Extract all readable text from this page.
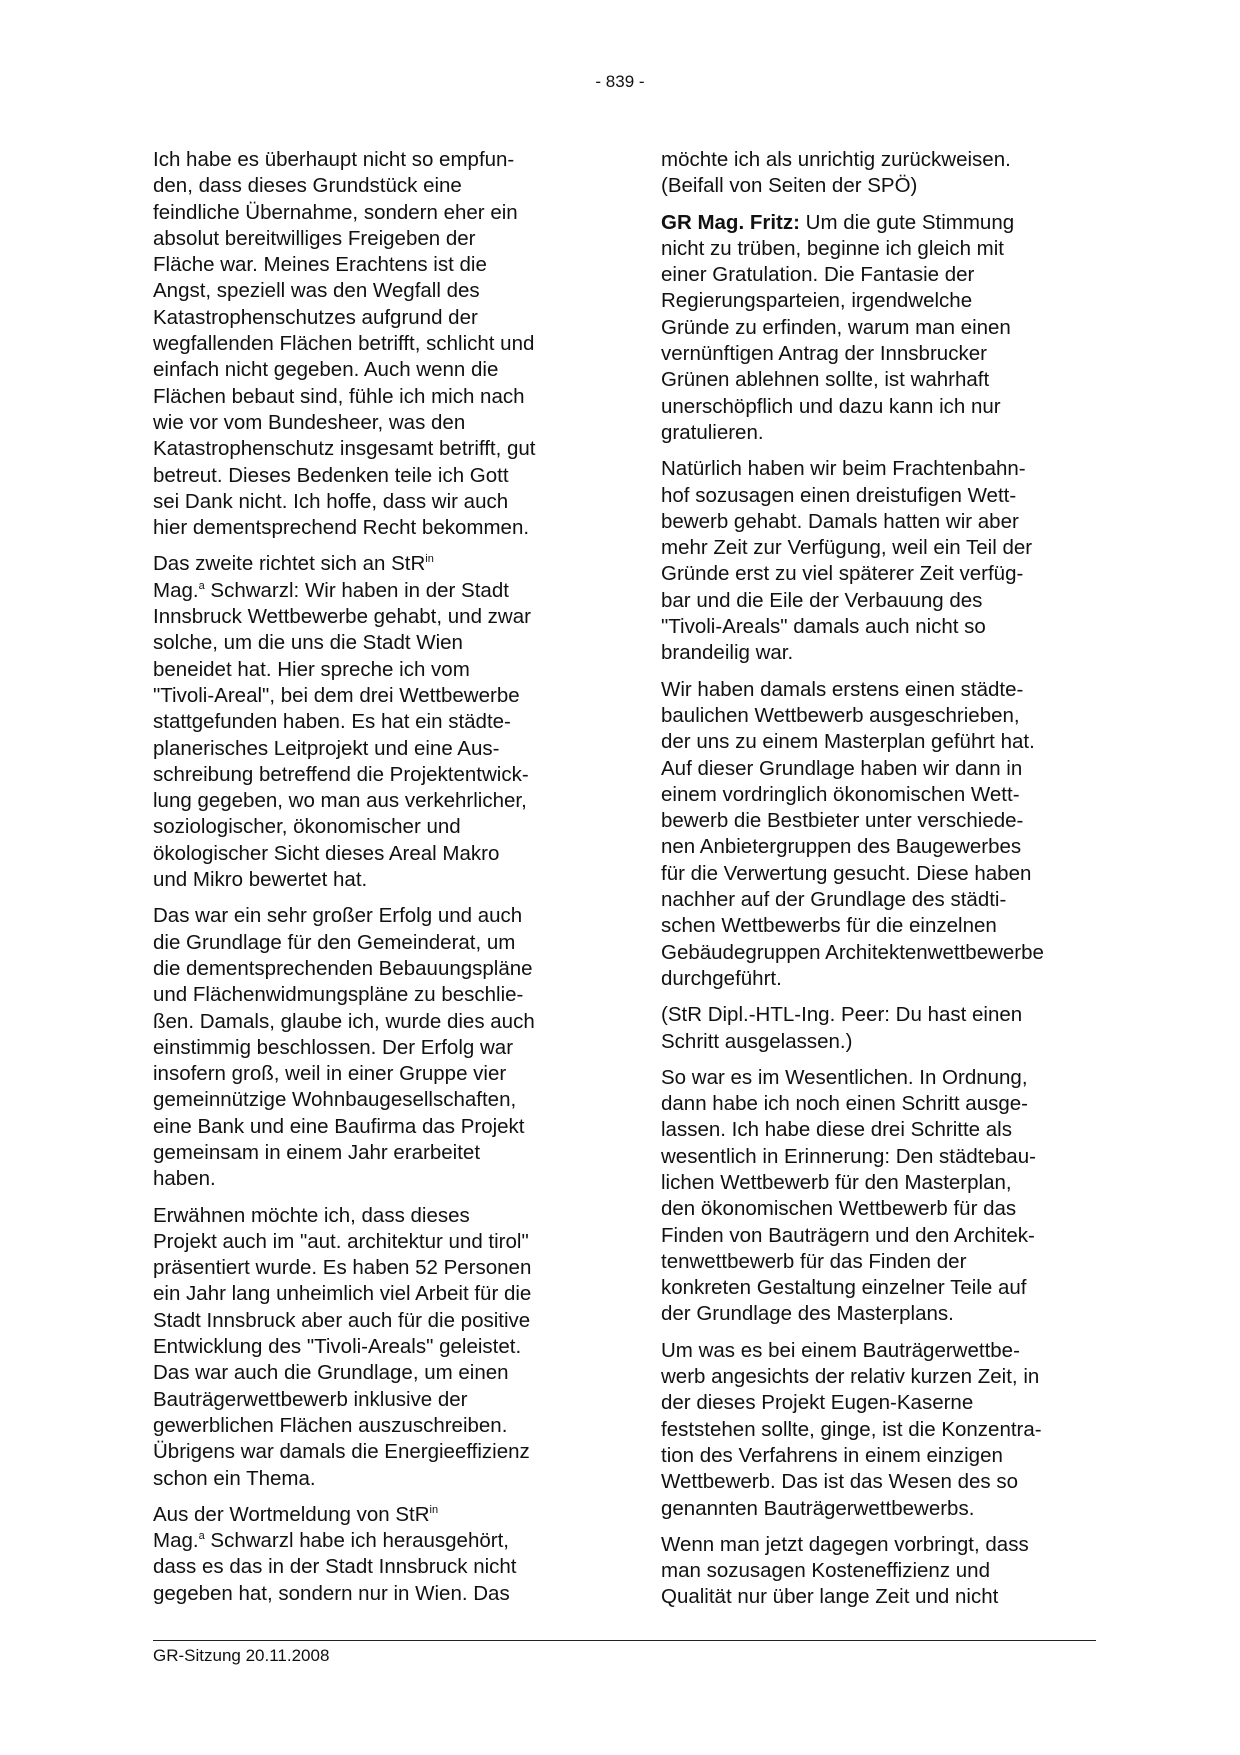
- 839 -

Ich habe es überhaupt nicht so empfun-
den, dass dieses Grundstück eine
feindliche Übernahme, sondern eher ein
absolut bereitwilliges Freigeben der
Fläche war. Meines Erachtens ist die
Angst, speziell was den Wegfall des
Katastrophenschutzes aufgrund der
wegfallenden Flächen betrifft, schlicht und
einfach nicht gegeben. Auch wenn die
Flächen bebaut sind, fühle ich mich nach
wie vor vom Bundesheer, was den
Katastrophenschutz insgesamt betrifft, gut
betreut. Dieses Bedenken teile ich Gott
sei Dank nicht. Ich hoffe, dass wir auch
hier dementsprechend Recht bekommen.

Das zweite richtet sich an StR$^{in}$
Mag.$^a$ Schwarzl: Wir haben in der Stadt
Innsbruck Wettbewerbe gehabt, und zwar
solche, um die uns die Stadt Wien
beneidet hat. Hier spreche ich vom
"Tivoli-Areal", bei dem drei Wettbewerbe
stattgefunden haben. Es hat ein städte-
planerisches Leitprojekt und eine Aus-
schreibung betreffend die Projektentwick-
lung gegeben, wo man aus verkehrlicher,
soziologischer, ökonomischer und
ökologischer Sicht dieses Areal Makro
und Mikro bewertet hat.

Das war ein sehr großer Erfolg und auch
die Grundlage für den Gemeinderat, um
die dementsprechenden Bebauungspläne
und Flächenwidmungspläne zu beschlie-
ßen. Damals, glaube ich, wurde dies auch
einstimmig beschlossen. Der Erfolg war
insofern groß, weil in einer Gruppe vier
gemeinnützige Wohnbaugesellschaften,
eine Bank und eine Baufirma das Projekt
gemeinsam in einem Jahr erarbeitet
haben.

Erwähnen möchte ich, dass dieses
Projekt auch im "aut. architektur und tirol"
präsentiert wurde. Es haben 52 Personen
ein Jahr lang unheimlich viel Arbeit für die
Stadt Innsbruck aber auch für die positive
Entwicklung des "Tivoli-Areals" geleistet.
Das war auch die Grundlage, um einen
Bauträgerwettbewerb inklusive der
gewerblichen Flächen auszuschreiben.
Übrigens war damals die Energieeffizienz
schon ein Thema.

Aus der Wortmeldung von StR$^{in}$
Mag.$^a$ Schwarzl habe ich herausgehört,
dass es das in der Stadt Innsbruck nicht
gegeben hat, sondern nur in Wien. Das

möchte ich als unrichtig zurückweisen.
(Beifall von Seiten der SPÖ)

GR Mag. Fritz: Um die gute Stimmung
nicht zu trüben, beginne ich gleich mit
einer Gratulation. Die Fantasie der
Regierungsparteien, irgendwelche
Gründe zu erfinden, warum man einen
vernünftigen Antrag der Innsbrucker
Grünen ablehnen sollte, ist wahrhaft
unerschöpflich und dazu kann ich nur
gratulieren.

Natürlich haben wir beim Frachtenbahn-
hof sozusagen einen dreistufigen Wett-
bewerb gehabt. Damals hatten wir aber
mehr Zeit zur Verfügung, weil ein Teil der
Gründe erst zu viel späterer Zeit verfüg-
bar und die Eile der Verbauung des
"Tivoli-Areals" damals auch nicht so
brandeilig war.

Wir haben damals erstens einen städte-
baulichen Wettbewerb ausgeschrieben,
der uns zu einem Masterplan geführt hat.
Auf dieser Grundlage haben wir dann in
einem vordringlich ökonomischen Wett-
bewerb die Bestbieter unter verschiede-
nen Anbietergruppen des Baugewerbes
für die Verwertung gesucht. Diese haben
nachher auf der Grundlage des städti-
schen Wettbewerbs für die einzelnen
Gebäudegruppen Architektenwettbewerbe
durchgeführt.

(StR Dipl.-HTL-Ing. Peer: Du hast einen
Schritt ausgelassen.)

So war es im Wesentlichen. In Ordnung,
dann habe ich noch einen Schritt ausge-
lassen. Ich habe diese drei Schritte als
wesentlich in Erinnerung: Den städtebau-
lichen Wettbewerb für den Masterplan,
den ökonomischen Wettbewerb für das
Finden von Bauträgern und den Architek-
tenwettbewerb für das Finden der
konkreten Gestaltung einzelner Teile auf
der Grundlage des Masterplans.

Um was es bei einem Bauträgerwettbe-
werb angesichts der relativ kurzen Zeit, in
der dieses Projekt Eugen-Kaserne
feststehen sollte, ginge, ist die Konzentra-
tion des Verfahrens in einem einzigen
Wettbewerb. Das ist das Wesen des so
genannten Bauträgerwettbewerbs.

Wenn man jetzt dagegen vorbringt, dass
man sozusagen Kosteneffizienz und
Qualität nur über lange Zeit und nicht

GR-Sitzung 20.11.2008
